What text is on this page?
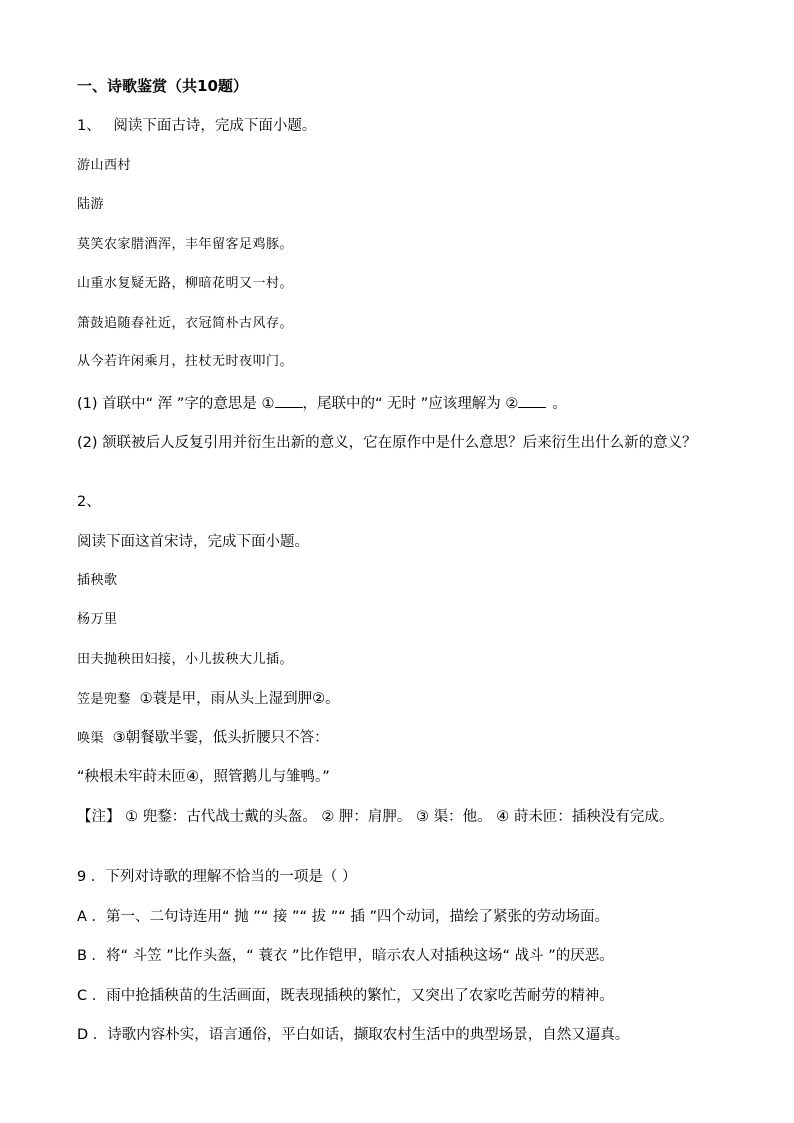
一、诗歌鉴赏（共10题）
1、 阅读下面古诗，完成下面小题。
游山西村
陆游
莫笑农家腊酒浑，丰年留客足鸡豚。
山重水复疑无路，柳暗花明又一村。
箫鼓追随春社近，衣冠简朴古风存。
从今若许闲乘月，拄杖无时夜叩门。
(1) 首联中“ 浑 ”字的意思是 ① ，尾联中的“ 无时 ”应该理解为 ② 。
(2) 颔联被后人反复引用并衍生出新的意义，它在原作中是什么意思？后来衍生出什么新的意义？
2、
阅读下面这首宋诗，完成下面小题。
插秧歌
杨万里
田夫抛秧田妇接，小儿拔秧大儿插。
笠是兜鍪 ①蓑是甲，雨从头上湿到胛②。
唤渠 ③朝餐歇半霎，低头折腰只不答：
“秧根未牢莳未匝④，照管鹅儿与雏鸭。”
【注】 ① 兜鍪：古代战士戴的头盔。 ② 胛：肩胛。 ③ 渠：他。 ④ 莳未匝：插秧没有完成。
9 ．下列对诗歌的理解不恰当的一项是（ ）
A ．第一、二句诗连用“ 抛 ”“ 接 ”“ 拔 ”“ 插 ”四个动词，描绘了紧张的劳动场面。
B ．将“ 斗笠 ”比作头盔，“ 蓑衣 ”比作铠甲，暗示农人对插秧这场“ 战斗 ”的厌恶。
C ．雨中抢插秧苗的生活画面，既表现插秧的繁忙，又突出了农家吃苦耐劳的精神。
D ．诗歌内容朴实，语言通俗，平白如话，撷取农村生活中的典型场景，自然又逼真。
